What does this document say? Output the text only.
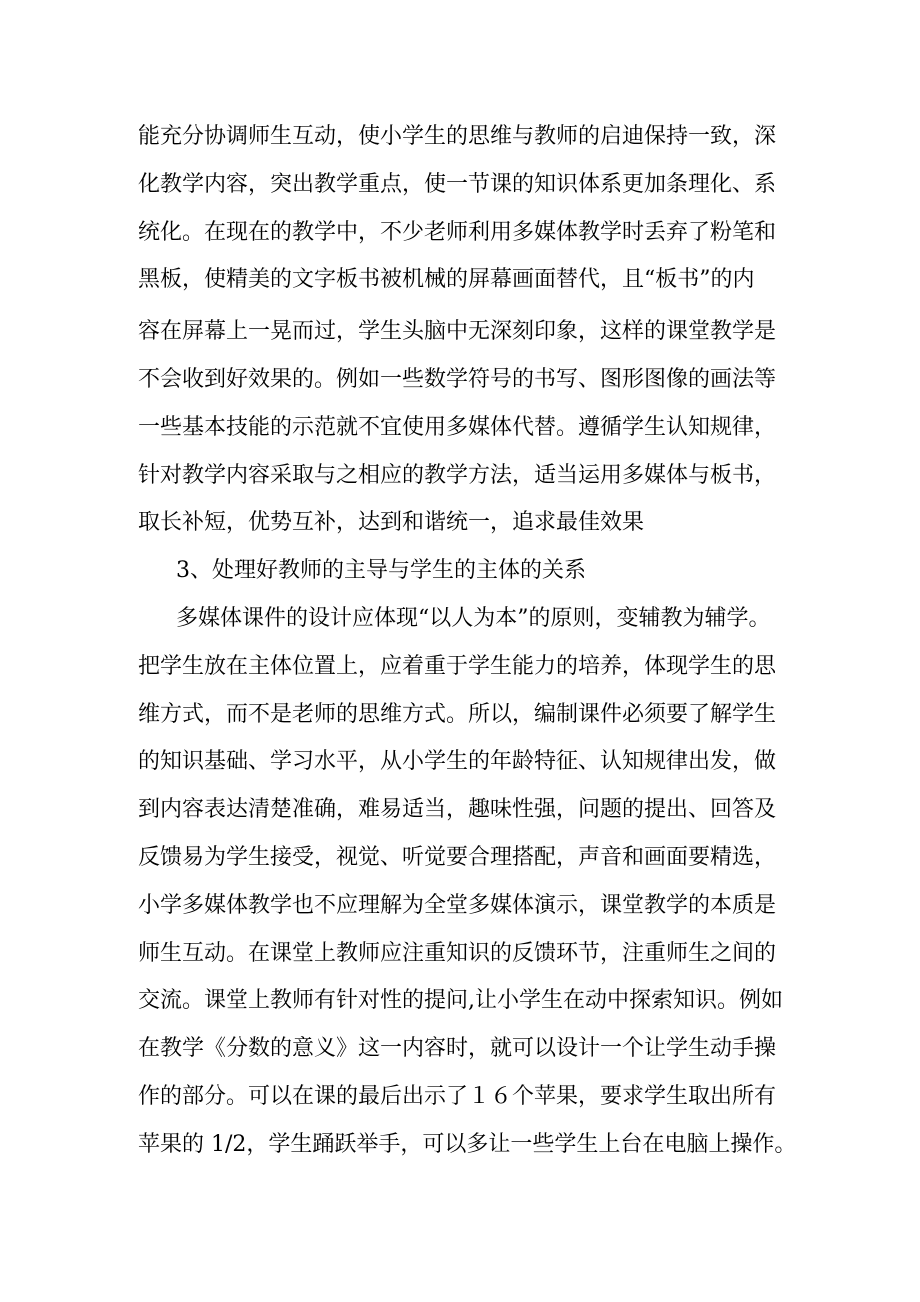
能充分协调师生互动，使小学生的思维与教师的启迪保持一致，深

化教学内容，突出教学重点，使一节课的知识体系更加条理化、系

统化。在现在的教学中，不少老师利用多媒体教学时丢弃了粉笔和

黑板，使精美的文字板书被机械的屏幕画面替代，且“板书”的内

容在屏幕上一晃而过，学生头脑中无深刻印象，这样的课堂教学是

不会收到好效果的。例如一些数学符号的书写、图形图像的画法等

一些基本技能的示范就不宜使用多媒体代替。遵循学生认知规律，

针对教学内容采取与之相应的教学方法，适当运用多媒体与板书，

取长补短，优势互补，达到和谐统一，追求最佳效果

3、处理好教师的主导与学生的主体的关系

多媒体课件的设计应体现“以人为本”的原则，变辅教为辅学。

把学生放在主体位置上，应着重于学生能力的培养，体现学生的思

维方式，而不是老师的思维方式。所以，编制课件必须要了解学生

的知识基础、学习水平，从小学生的年龄特征、认知规律出发，做

到内容表达清楚准确，难易适当，趣味性强，问题的提出、回答及

反馈易为学生接受，视觉、听觉要合理搭配，声音和画面要精选，

小学多媒体教学也不应理解为全堂多媒体演示，课堂教学的本质是

师生互动。在课堂上教师应注重知识的反馈环节，注重师生之间的

交流。课堂上教师有针对性的提问,让小学生在动中探索知识。例如

在教学《分数的意义》这一内容时，就可以设计一个让学生动手操

作的部分。可以在课的最后出示了１６个苹果，要求学生取出所有

苹果的 1/2，学生踊跃举手，可以多让一些学生上台在电脑上操作。
